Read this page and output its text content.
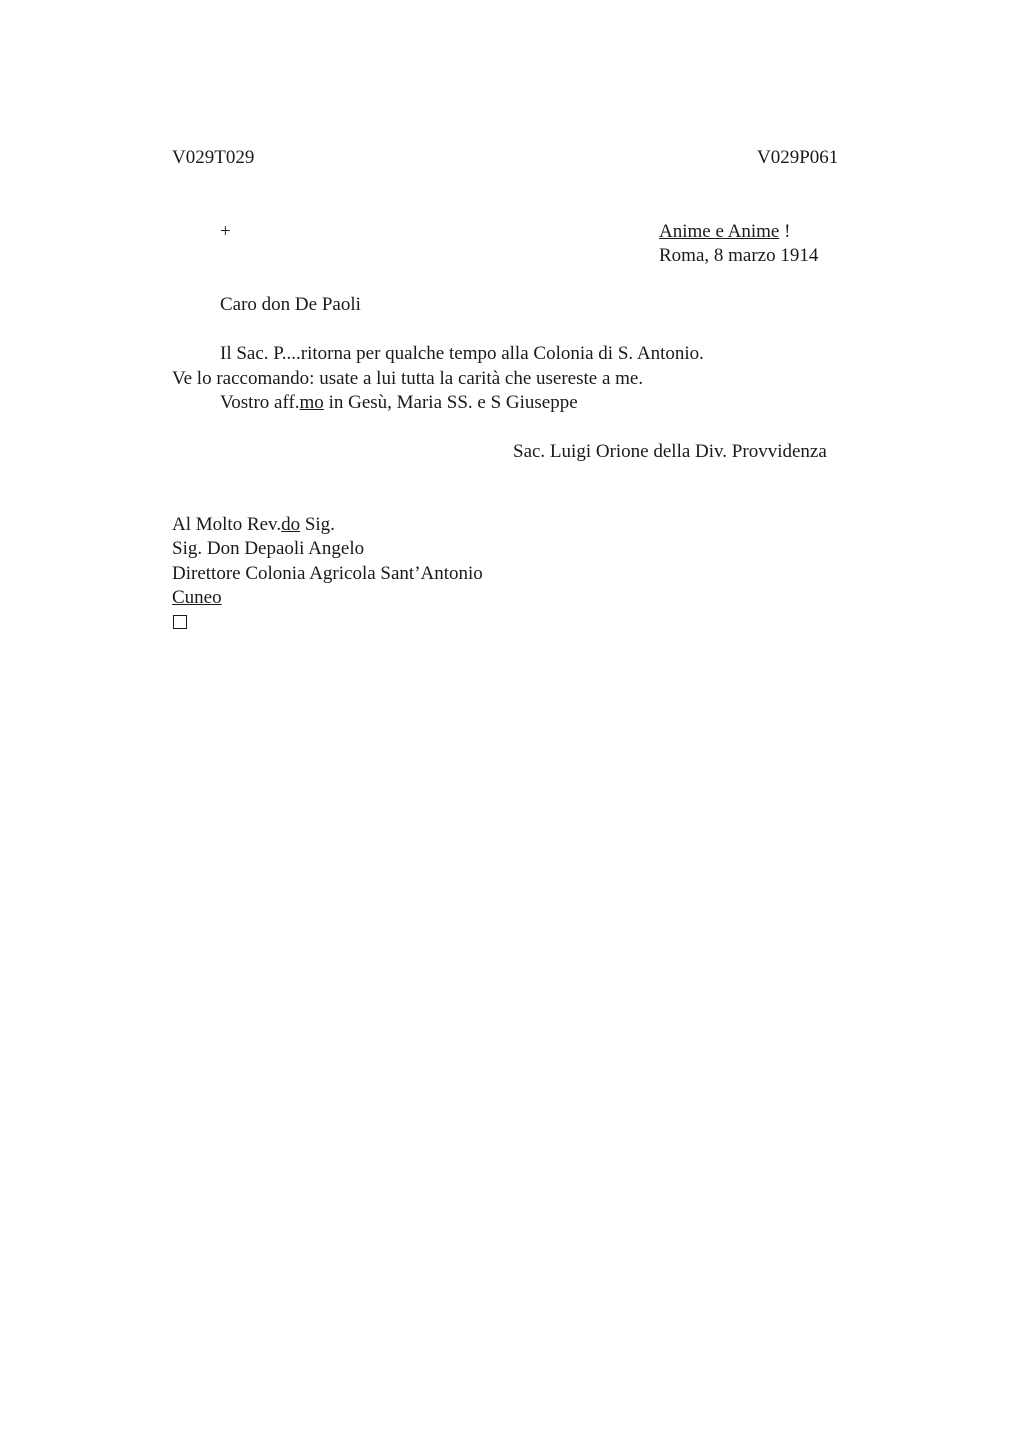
V029T029	V029P061
+	Anime e Anime !
Roma, 8 marzo 1914
Caro don De Paoli
Il Sac. P....ritorna per qualche tempo alla Colonia di S. Antonio.
Ve lo raccomando: usate a lui tutta la carità che usereste a me.
Vostro aff.mo in Gesù, Maria SS. e S Giuseppe
Sac. Luigi Orione della Div. Provvidenza
Al Molto Rev.do Sig.
Sig. Don Depaoli Angelo
Direttore Colonia Agricola Sant’Antonio
Cuneo
